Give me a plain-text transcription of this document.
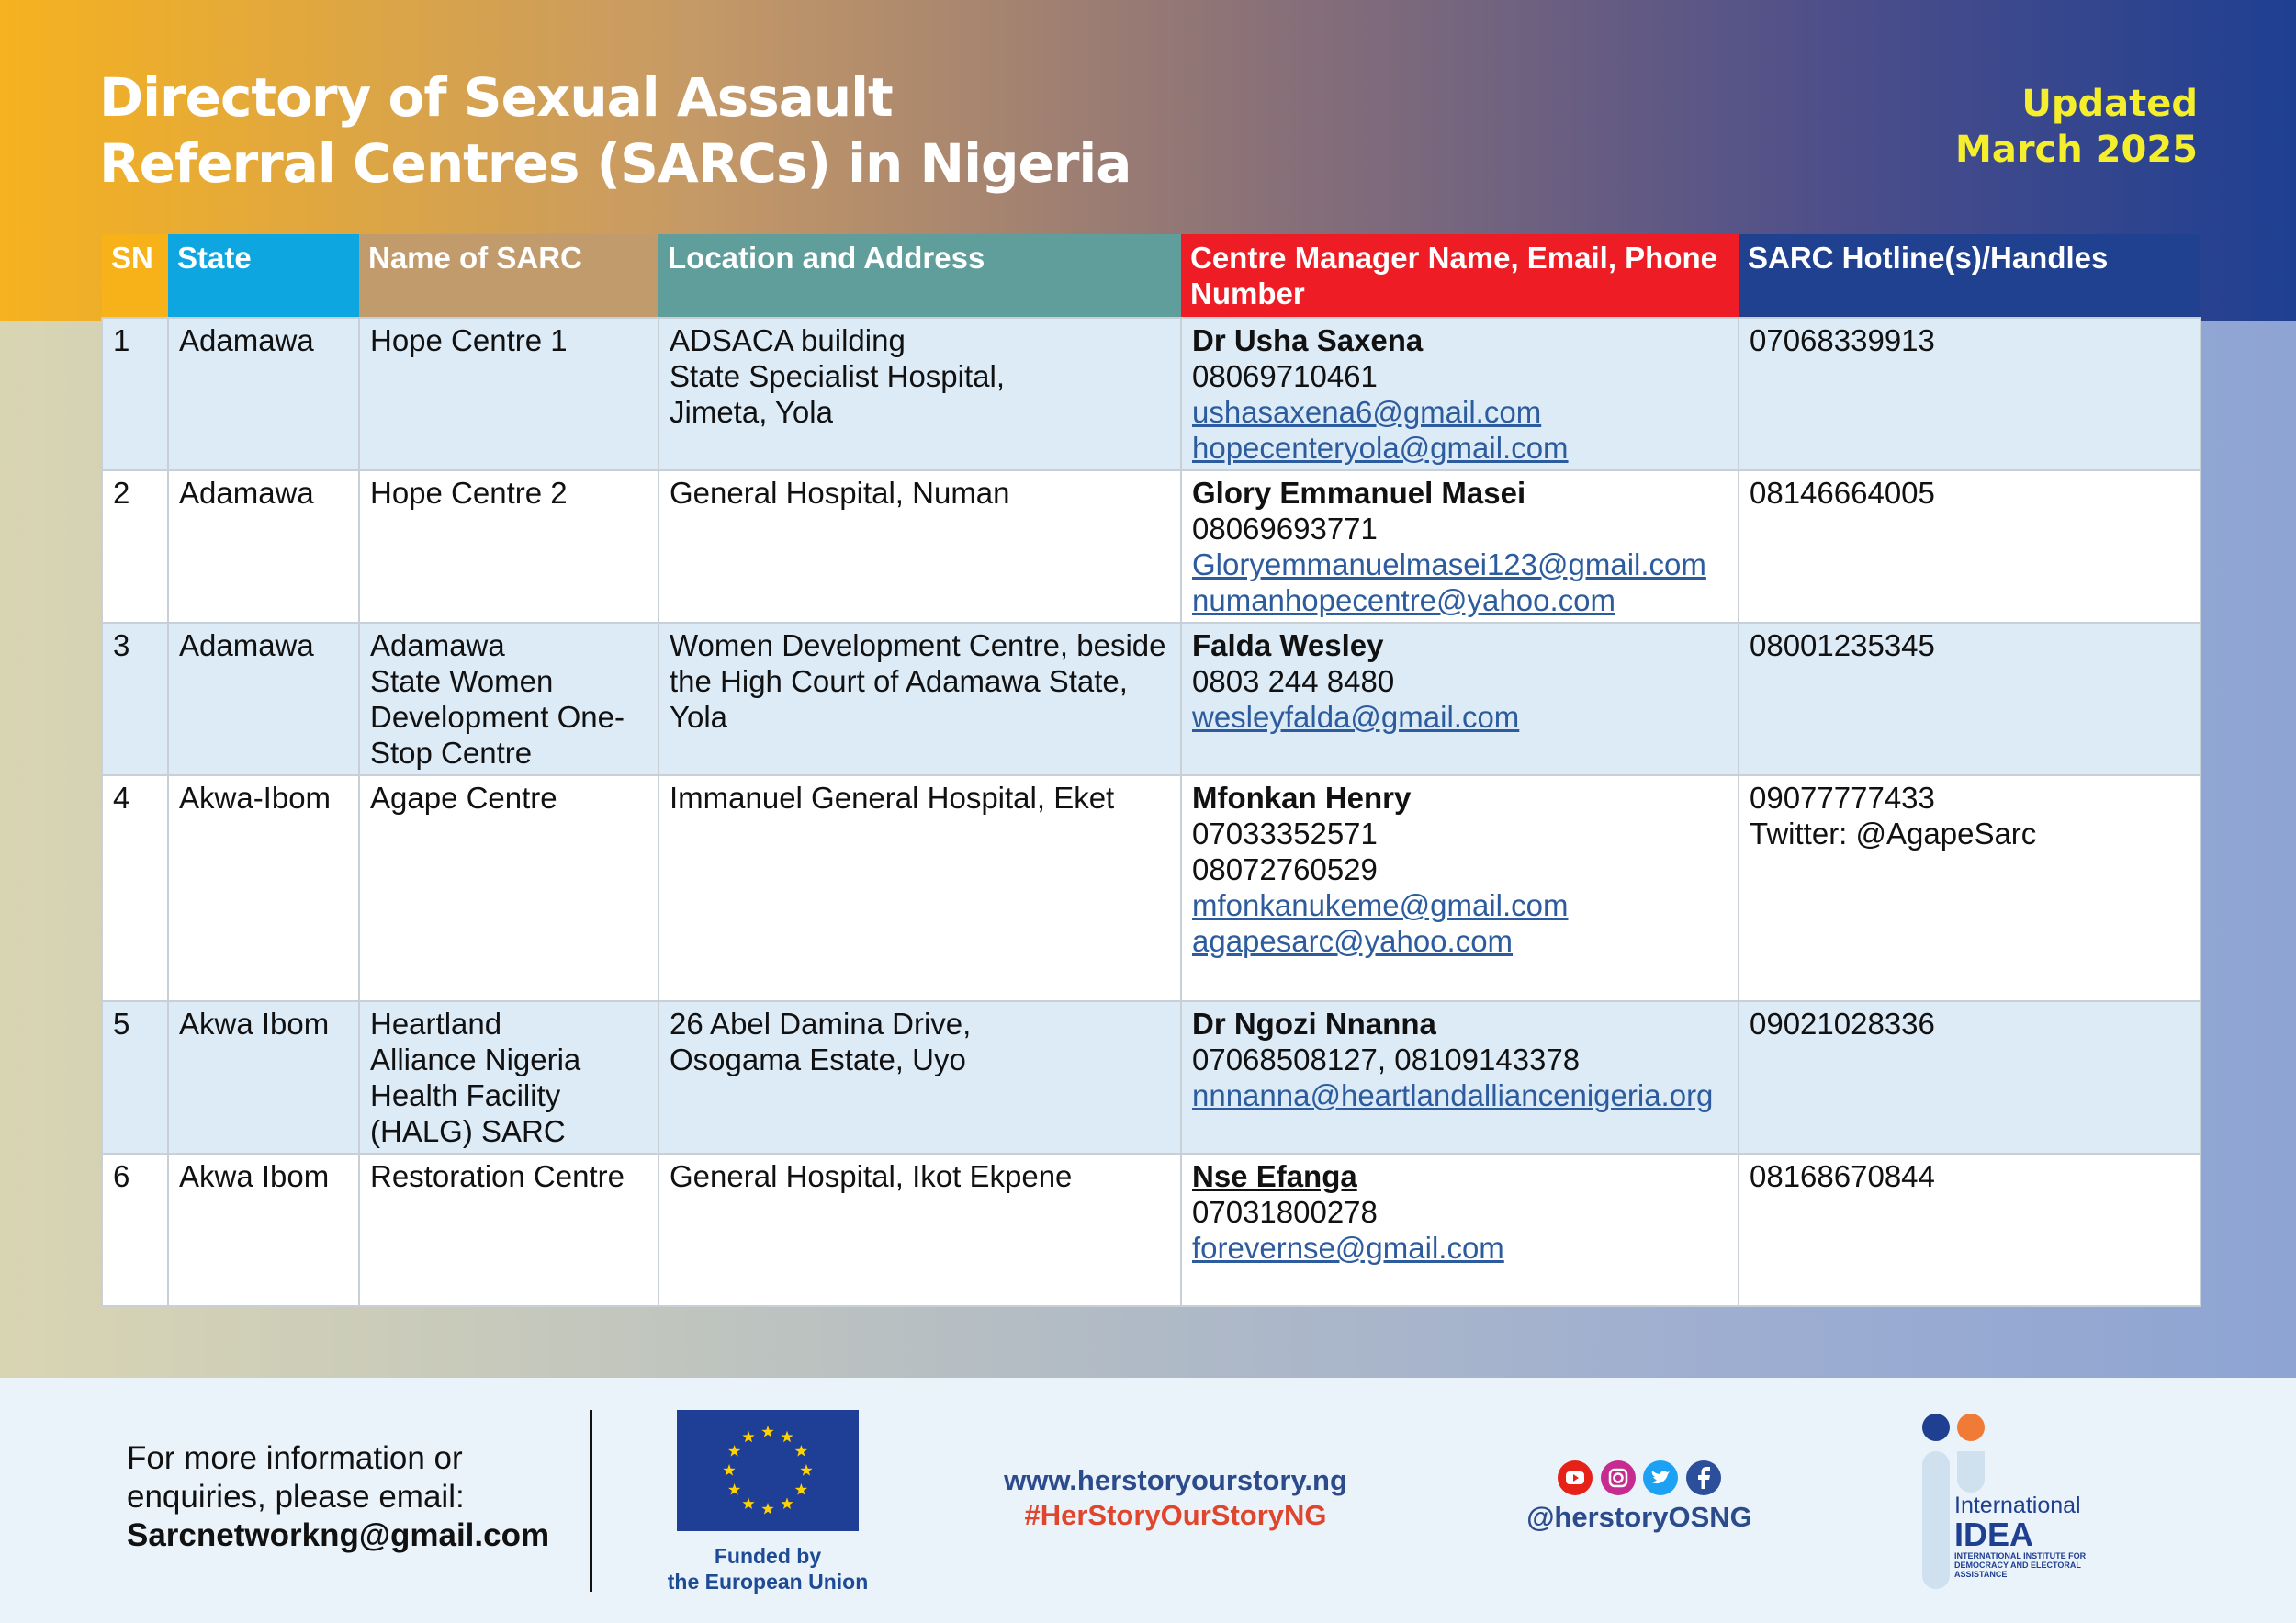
Directory of Sexual Assault
Referral Centres (SARCs) in Nigeria
Updated
March 2025
SN	State	Name of SARC	Location and Address	Centre Manager Name, Email, Phone Number	SARC Hotline(s)/Handles
1	Adamawa	Hope Centre 1	ADSACA building
State Specialist Hospital,
Jimeta, Yola	Dr Usha Saxena
08069710461
ushasaxena6@gmail.com
hopecenteryola@gmail.com	07068339913

2	Adamawa	Hope Centre 2	General Hospital, Numan	Glory Emmanuel Masei
08069693771
Gloryemmanuelmasei123@gmail.com
numanhopecentre@yahoo.com	08146664005

3	Adamawa	Adamawa
State Women
Development One-
Stop Centre	Women Development Centre, beside
the High Court of Adamawa State,
Yola	Falda Wesley
0803 244 8480
wesleyfalda@gmail.com	08001235345

4	Akwa-Ibom	Agape Centre	Immanuel General Hospital, Eket	Mfonkan Henry
07033352571
08072760529
mfonkanukeme@gmail.com
agapesarc@yahoo.com	09077777433
Twitter: @AgapeSarc

5	Akwa Ibom	Heartland
Alliance Nigeria
Health Facility
(HALG) SARC	26 Abel Damina Drive,
Osogama Estate, Uyo	Dr Ngozi Nnanna
07068508127, 08109143378
nnnanna@heartlandalliancenigeria.org	09021028336

6	Akwa Ibom	Restoration Centre	General Hospital, Ikot Ekpene	Nse Efanga
07031800278
forevernse@gmail.com	08168670844
For more information or
enquiries, please email:
Sarcnetworkng@gmail.com
Funded by
the European Union
www.herstoryourstory.ng
#HerStoryOurStoryNG
	@herstoryOSNG	International
IDEA
INTERNATIONAL INSTITUTE FOR DEMOCRACY AND ELECTORAL ASSISTANCE
